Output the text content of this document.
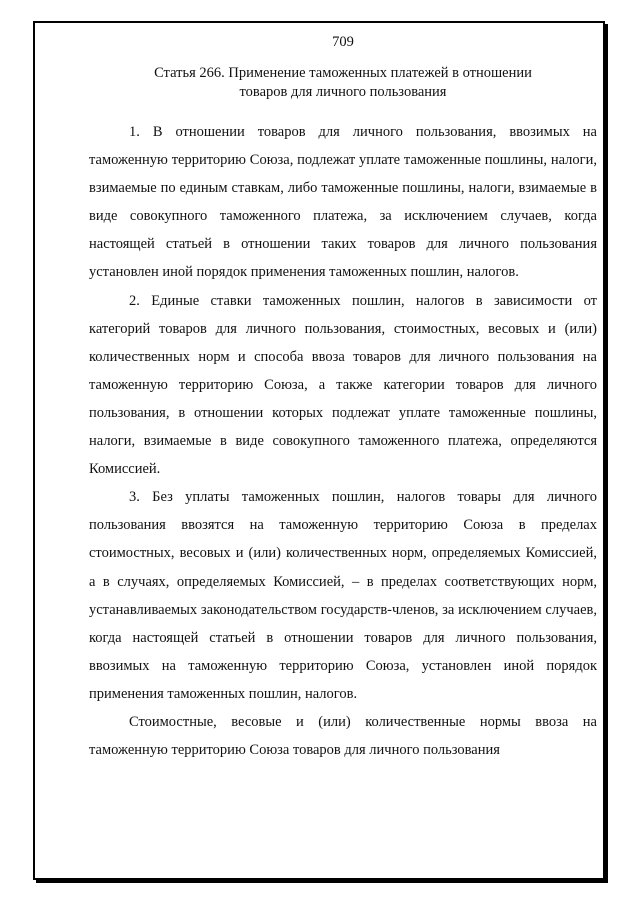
709
Статья 266. Применение таможенных платежей в отношении
товаров для личного пользования

1. В отношении товаров для личного пользования, ввозимых на таможенную территорию Союза, подлежат уплате таможенные пошлины, налоги, взимаемые по единым ставкам, либо таможенные пошлины, налоги, взимаемые в виде совокупного таможенного платежа, за исключением случаев, когда настоящей статьей в отношении таких товаров для личного пользования установлен иной порядок применения таможенных пошлин, налогов.

2. Единые ставки таможенных пошлин, налогов в зависимости от категорий товаров для личного пользования, стоимостных, весовых и (или) количественных норм и способа ввоза товаров для личного пользования на таможенную территорию Союза, а также категории товаров для личного пользования, в отношении которых подлежат уплате таможенные пошлины, налоги, взимаемые в виде совокупного таможенного платежа, определяются Комиссией.

3. Без уплаты таможенных пошлин, налогов товары для личного пользования ввозятся на таможенную территорию Союза в пределах стоимостных, весовых и (или) количественных норм, определяемых Комиссией, а в случаях, определяемых Комиссией, – в пределах соответствующих норм, устанавливаемых законодательством государств-членов, за исключением случаев, когда настоящей статьей в отношении товаров для личного пользования, ввозимых на таможенную территорию Союза, установлен иной порядок применения таможенных пошлин, налогов.

Стоимостные, весовые и (или) количественные нормы ввоза на таможенную территорию Союза товаров для личного пользования
